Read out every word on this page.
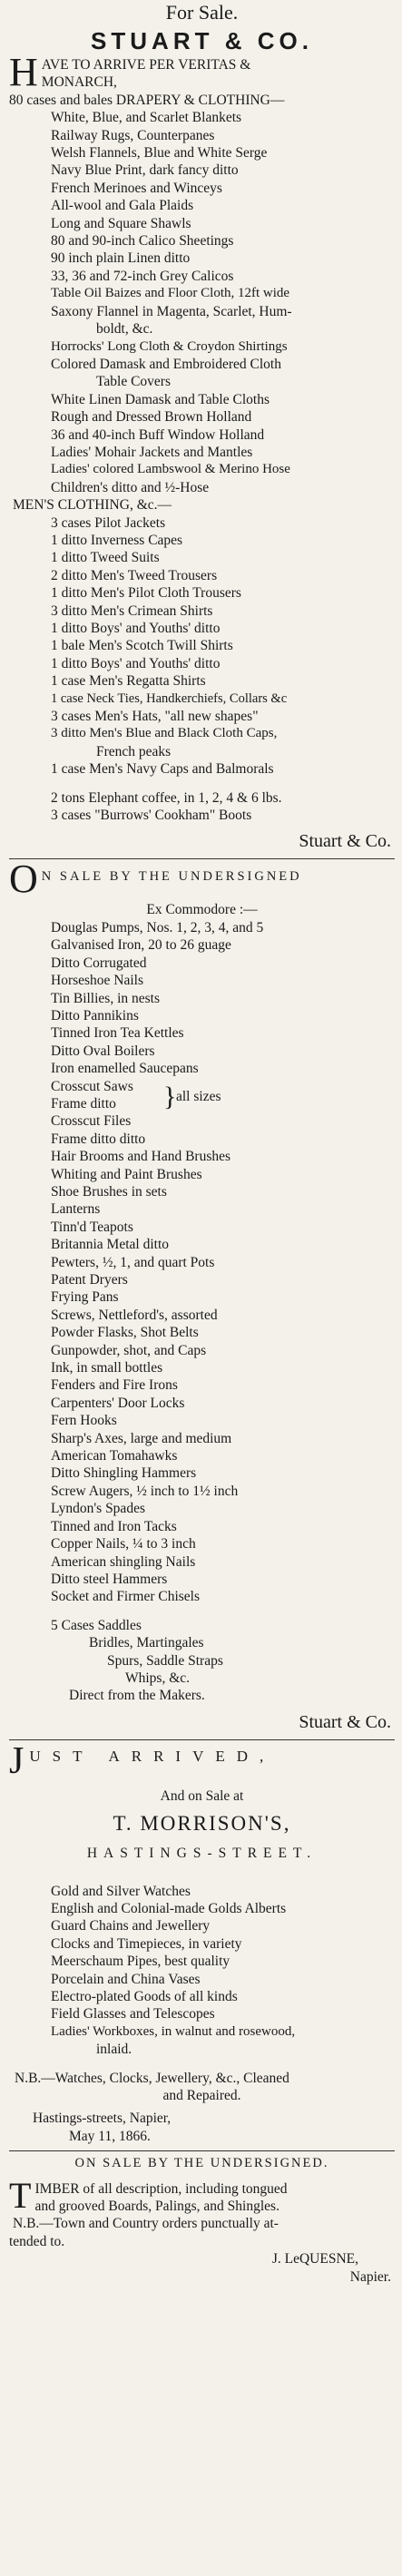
For Sale.
STUART & CO.
H AVE TO ARRIVE PER VERITAS &
MONARCH,
80 cases and bales DRAPERY & CLOTHING—
White, Blue, and Scarlet Blankets
Railway Rugs, Counterpanes
Welsh Flannels, Blue and White Serge
Navy Blue Print, dark fancy ditto
French Merinoes and Winceys
All-wool and Gala Plaids
Long and Square Shawls
80 and 90-inch Calico Sheetings
90 inch plain Linen ditto
33, 36 and 72-inch Grey Calicos
Table Oil Baizes and Floor Cloth, 12ft wide
Saxony Flannel in Magenta, Scarlet, Hum-
boldt, &c.
Horrocks' Long Cloth & Croydon Shirtings
Colored Damask and Embroidered Cloth
Table Covers
White Linen Damask and Table Cloths
Rough and Dressed Brown Holland
36 and 40-inch Buff Window Holland
Ladies' Mohair Jackets and Mantles
Ladies' colored Lambswool & Merino Hose
Children's ditto and ½-Hose
MEN'S CLOTHING, &c.—
3 cases Pilot Jackets
1 ditto Inverness Capes
1 ditto Tweed Suits
2 ditto Men's Tweed Trousers
1 ditto Men's Pilot Cloth Trousers
3 ditto Men's Crimean Shirts
1 ditto Boys' and Youths' ditto
1 bale Men's Scotch Twill Shirts
1 ditto Boys' and Youths' ditto
1 case Men's Regatta Shirts
1 case Neck Ties, Handkerchiefs, Collars &c
3 cases Men's Hats, "all new shapes"
3 ditto Men's Blue and Black Cloth Caps,
French peaks
1 case Men's Navy Caps and Balmorals
2 tons Elephant coffee, in 1, 2, 4 & 6 lbs.
3 cases "Burrows' Cookham" Boots
Stuart & Co.
O N SALE BY THE UNDERSIGNED
Ex Commodore :—
Douglas Pumps, Nos. 1, 2, 3, 4, and 5
Galvanised Iron, 20 to 26 guage
Ditto Corrugated
Horseshoe Nails
Tin Billies, in nests
Ditto Pannikins
Tinned Iron Tea Kettles
Ditto Oval Boilers
Iron enamelled Saucepans
Crosscut Saws
Frame ditto	} all sizes
Crosscut Files
Frame ditto ditto
Hair Brooms and Hand Brushes
Whiting and Paint Brushes
Shoe Brushes in sets
Lanterns
Tinn'd Teapots
Britannia Metal ditto
Pewters, ½, 1, and quart Pots
Patent Dryers
Frying Pans
Screws, Nettleford's, assorted
Powder Flasks, Shot Belts
Gunpowder, shot, and Caps
Ink, in small bottles
Fenders and Fire Irons
Carpenters' Door Locks
Fern Hooks
Sharp's Axes, large and medium
American Tomahawks
Ditto Shingling Hammers
Screw Augers, ½ inch to 1½ inch
Lyndon's Spades
Tinned and Iron Tacks
Copper Nails, ¼ to 3 inch
American shingling Nails
Ditto steel Hammers
Socket and Firmer Chisels
5 Cases Saddles
Bridles, Martingales
Spurs, Saddle Straps
Whips, &c.
Direct from the Makers.
Stuart & Co.
J UST ARRIVED,
And on Sale at
T. MORRISON'S,
HASTINGS-STREET.
Gold and Silver Watches
English and Colonial-made Golds Alberts
Guard Chains and Jewellery
Clocks and Timepieces, in variety
Meerschaum Pipes, best quality
Porcelain and China Vases
Electro-plated Goods of all kinds
Field Glasses and Telescopes
Ladies' Workboxes, in walnut and rosewood,
inlaid.
N.B.—Watches, Clocks, Jewellery, &c., Cleaned
and Repaired.
Hastings-streets, Napier,
May 11, 1866.
ON SALE BY THE UNDERSIGNED.
T IMBER of all description, including tongued
and grooved Boards, Palings, and Shingles.
N.B.—Town and Country orders punctually at-
tended to.
J. LeQUESNE,
Napier.
